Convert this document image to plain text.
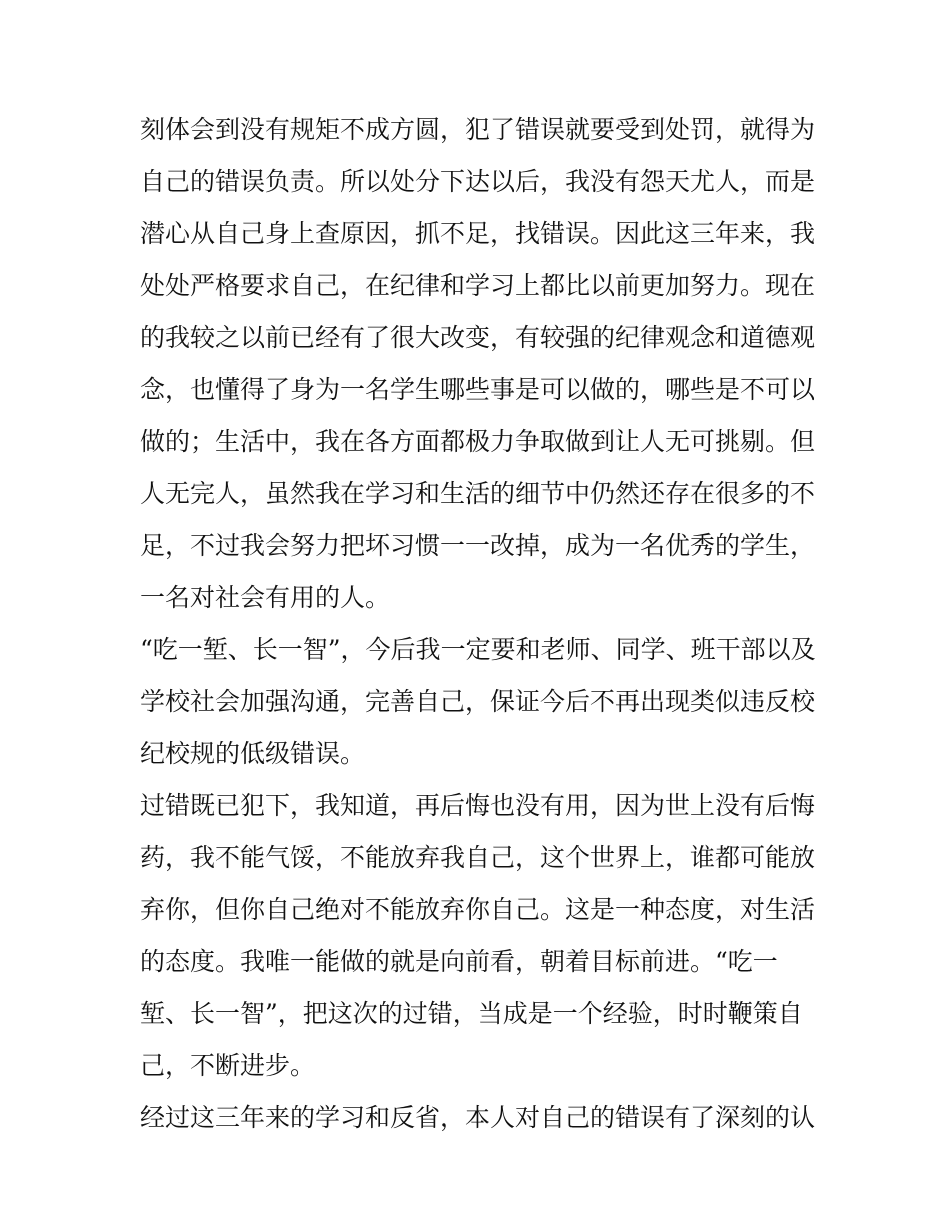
刻体会到没有规矩不成方圆，犯了错误就要受到处罚，就得为
自己的错误负责。所以处分下达以后，我没有怨天尤人，而是
潜心从自己身上查原因，抓不足，找错误。因此这三年来，我
处处严格要求自己，在纪律和学习上都比以前更加努力。现在
的我较之以前已经有了很大改变，有较强的纪律观念和道德观
念，也懂得了身为一名学生哪些事是可以做的，哪些是不可以
做的；生活中，我在各方面都极力争取做到让人无可挑剔。但
人无完人，虽然我在学习和生活的细节中仍然还存在很多的不
足，不过我会努力把坏习惯一一改掉，成为一名优秀的学生，
一名对社会有用的人。
“吃一堑、长一智”，今后我一定要和老师、同学、班干部以及
学校社会加强沟通，完善自己，保证今后不再出现类似违反校
纪校规的低级错误。
过错既已犯下，我知道，再后悔也没有用，因为世上没有后悔
药，我不能气馁，不能放弃我自己，这个世界上，谁都可能放
弃你，但你自己绝对不能放弃你自己。这是一种态度，对生活
的态度。我唯一能做的就是向前看，朝着目标前进。“吃一
堑、长一智”，把这次的过错，当成是一个经验，时时鞭策自
己，不断进步。
经过这三年来的学习和反省，本人对自己的错误有了深刻的认
